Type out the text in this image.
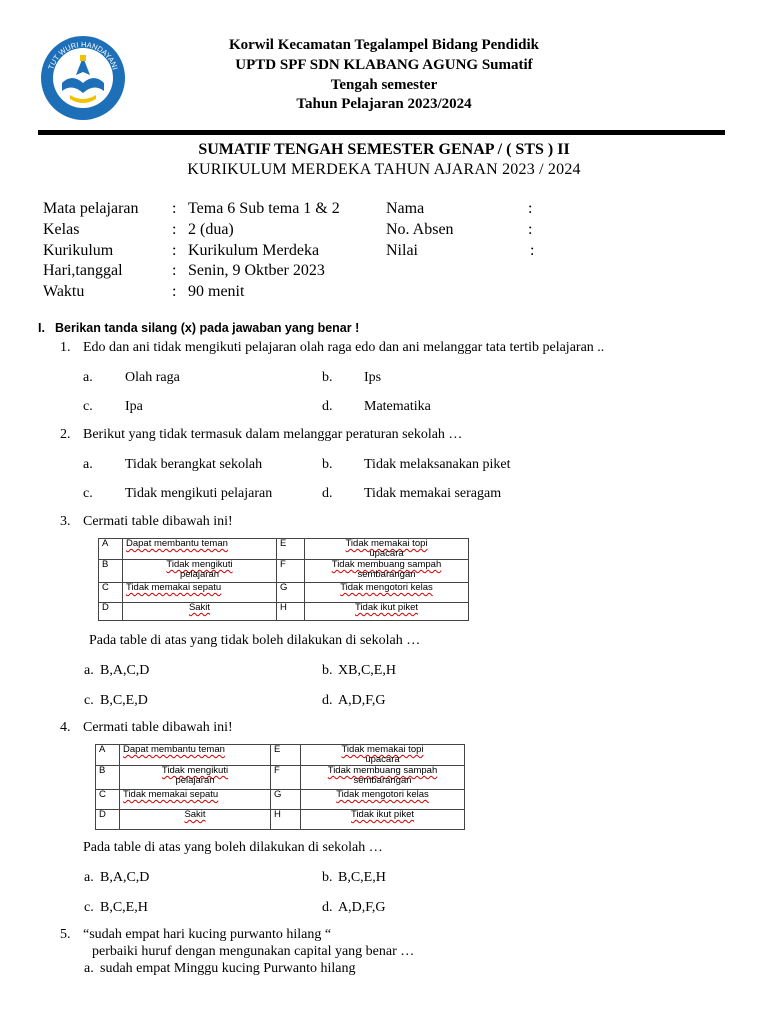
TUT WURI HANDAYANI
Korwil Kecamatan Tegalampel Bidang Pendidik
UPTD SPF SDN KLABANG AGUNG Sumatif
Tengah semester
Tahun Pelajaran 2023/2024
SUMATIF TENGAH SEMESTER GENAP / ( STS ) II
KURIKULUM MERDEKA TAHUN AJARAN 2023 / 2024
Mata pelajaran : Tema 6 Sub tema 1 & 2
Kelas	: 2 (dua)
Kurikulum	: Kurikulum Merdeka
Hari,tanggal	: Senin, 9 Oktber 2023
Waktu	: 90 menit
Nama	:
No. Absen	:
Nilai	:
I. Berikan tanda silang (x) pada jawaban yang benar !
1. Edo dan ani tidak mengikuti pelajaran olah raga edo dan ani melanggar tata tertib pelajaran ..
a. Olah raga	b. Ips
c. Ipa	d. Matematika
2. Berikut yang tidak termasuk dalam melanggar peraturan sekolah …
a. Tidak berangkat sekolah	b. Tidak melaksanakan piket
c. Tidak mengikuti pelajaran	d. Tidak memakai seragam
3. Cermati table dibawah ini!
A	Dapat membantu teman	E	Tidak memakai topi
upacara
B	Tidak mengikuti
pelajaran	F	Tidak membuang sampah
sembarangan
C	Tidak memakai sepatu	G	Tidak mengotori kelas
D	Sakit	H	Tidak ikut piket
Pada table di atas yang tidak boleh dilakukan di sekolah …
a. B,A,C,D	b. XB,C,E,H
c. B,C,E,D	d. A,D,F,G
4. Cermati table dibawah ini!
A	Dapat membantu teman	E	Tidak memakai topi
upacara
B	Tidak mengikuti
pelajaran	F	Tidak membuang sampah
sembarangan
C	Tidak memakai sepatu	G	Tidak mengotori kelas
D	Sakit	H	Tidak ikut piket
Pada table di atas yang boleh dilakukan di sekolah …
a. B,A,C,D	b. B,C,E,H
c. B,C,E,H	d. A,D,F,G
5. “sudah empat hari kucing purwanto hilang “
perbaiki huruf dengan mengunakan capital yang benar …
a. sudah empat Minggu kucing Purwanto hilang
